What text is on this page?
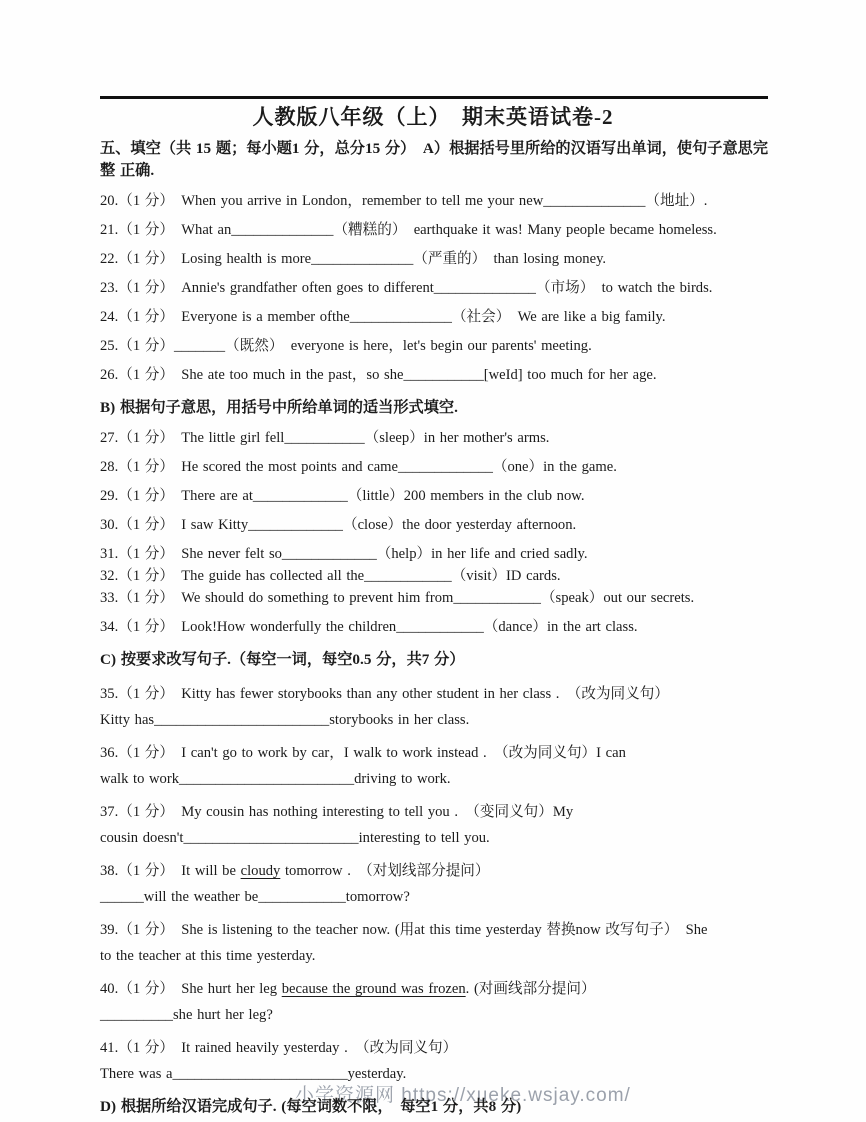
人教版八年级（上）　期末英语试卷-2
小学资源网 https://xueke.wsjay.com/

五、填空（共 15 题；每小题1 分，总分15 分）　A）根据括号里所给的汉语写出单词，使句子意思完整 正确.

20.（1 分）　When you arrive in London，remember to tell me your new______________（地址）.

21.（1 分）　What an______________（糟糕的）　earthquake it was! Many people became homeless.

22.（1 分）　Losing health is more______________（严重的）　than losing money.

23.（1 分）　Annie's grandfather often goes to different______________（市场）　to watch the birds.

24.（1 分）　Everyone is a member ofthe______________（社会）　We are like a big family.

25.（1 分）_______（既然）　everyone is here，let's begin our parents' meeting.

26.（1 分）　She ate too much in the past，so she___________[weId] too much for her age.

B) 根据句子意思，用括号中所给单词的适当形式填空.

27.（1 分）　The little girl fell___________（sleep）in her mother's arms.

28.（1 分）　He scored the most points and came_____________（one）in the game.

29.（1 分）　There are at_____________（little）200 members in the club now.

30.（1 分）　I saw Kitty_____________（close）the door yesterday afternoon.

31.（1 分）　She never felt so_____________（help）in her life and cried sadly.

32.（1 分）　The guide has collected all the____________（visit）ID cards.

33.（1 分）　We should do something to prevent him from____________（speak）out our secrets.

34.（1 分）　Look!How wonderfully the children____________（dance）in the art class.

C) 按要求改写句子.（每空一词，每空0.5 分，共7 分）

35.（1 分）　Kitty has fewer storybooks than any other student in her class .　（改为同义句）

Kitty has________________________storybooks in her class.

36.（1 分）　I can't go to work by car，I walk to work instead .　（改为同义句）I can

walk to work________________________driving to work.

37.（1 分）　My cousin has nothing interesting to tell you .　（变同义句）My

cousin doesn't________________________interesting to tell you.

38.（1 分）　It will be cloudy tomorrow .　（对划线部分提问）

______will the weather be____________tomorrow?

39.（1 分）　She is listening to the teacher now. (用at this time yesterday 替换now 改写句子）　She

to the teacher at this time yesterday.

40.（1 分）　She hurt her leg because the ground was frozen. (对画线部分提问）

__________she hurt her leg?

41.（1 分）　It rained heavily yesterday .　（改为同义句）

There was a________________________yesterday.

D) 根据所给汉语完成句子. (每空词数不限，　每空1 分，共8 分)
